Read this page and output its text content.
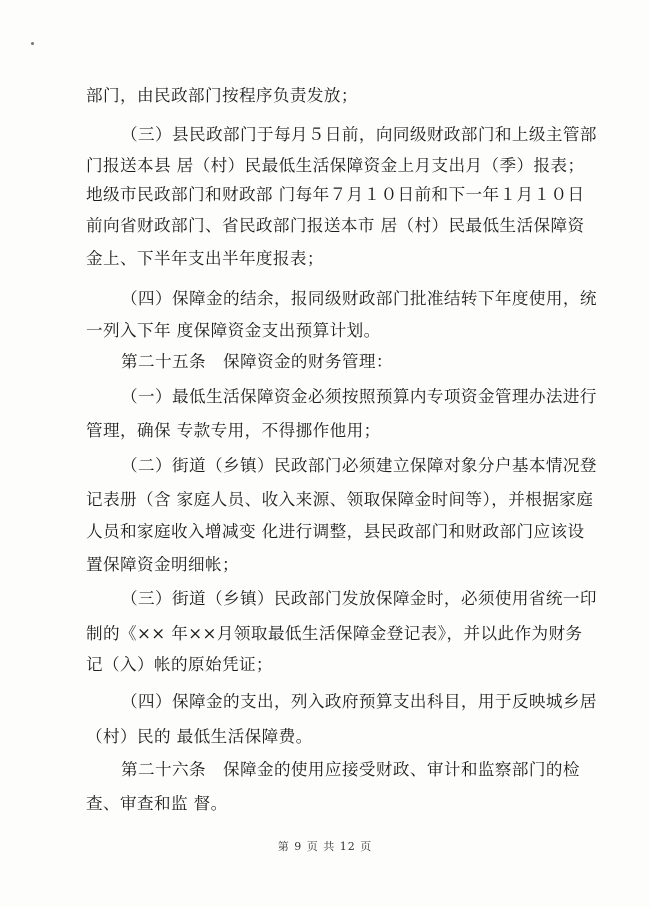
部门，由民政部门按程序负责发放；
（三）县民政部门于每月５日前，向同级财政部门和上级主管部
门报送本县 居（村）民最低生活保障资金上月支出月（季）报表；
地级市民政部门和财政部 门每年７月１０日前和下一年１月１０日
前向省财政部门、省民政部门报送本市 居（村）民最低生活保障资
金上、下半年支出半年度报表；
（四）保障金的结余，报同级财政部门批准结转下年度使用，统
一列入下年 度保障资金支出预算计划。
第二十五条　保障资金的财务管理：
（一）最低生活保障资金必须按照预算内专项资金管理办法进行
管理，确保 专款专用，不得挪作他用；
（二）街道（乡镇）民政部门必须建立保障对象分户基本情况登
记表册（含 家庭人员、收入来源、领取保障金时间等），并根据家庭
人员和家庭收入增减变 化进行调整，县民政部门和财政部门应该设
置保障资金明细帐；
（三）街道（乡镇）民政部门发放保障金时，必须使用省统一印
制的《×× 年××月领取最低生活保障金登记表》，并以此作为财务
记（入）帐的原始凭证；
（四）保障金的支出，列入政府预算支出科目，用于反映城乡居
（村）民的 最低生活保障费。
第二十六条　保障金的使用应接受财政、审计和监察部门的检
查、审查和监 督。
第 9 页 共 12 页
